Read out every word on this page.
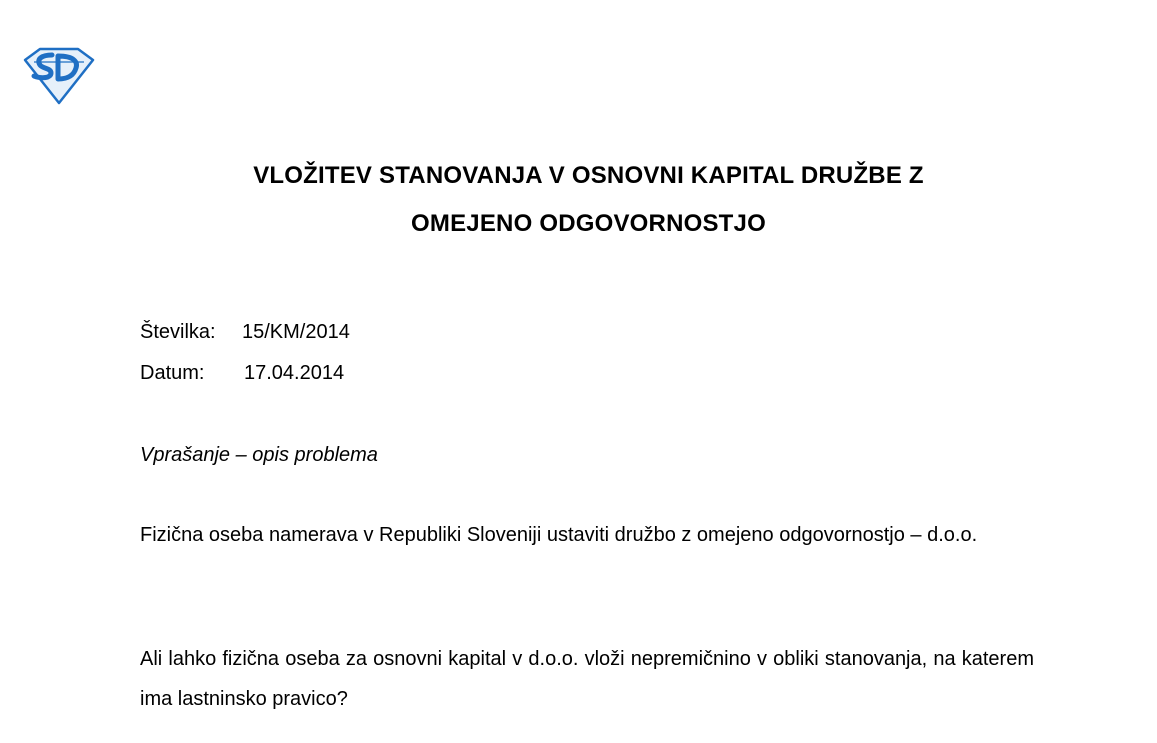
VLOŽITEV STANOVANJA V OSNOVNI KAPITAL DRUŽBE Z
OMEJENO ODGOVORNOSTJO
Številka: 15/KM/2014
Datum: 17.04.2014
Vprašanje – opis problema

Fizična oseba namerava v Republiki Sloveniji ustaviti družbo z omejeno odgovornostjo – d.o.o.

Ali lahko fizična oseba za osnovni kapital v d.o.o. vloži nepremičnino v obliki stanovanja, na katerem ima lastninsko pravico?
